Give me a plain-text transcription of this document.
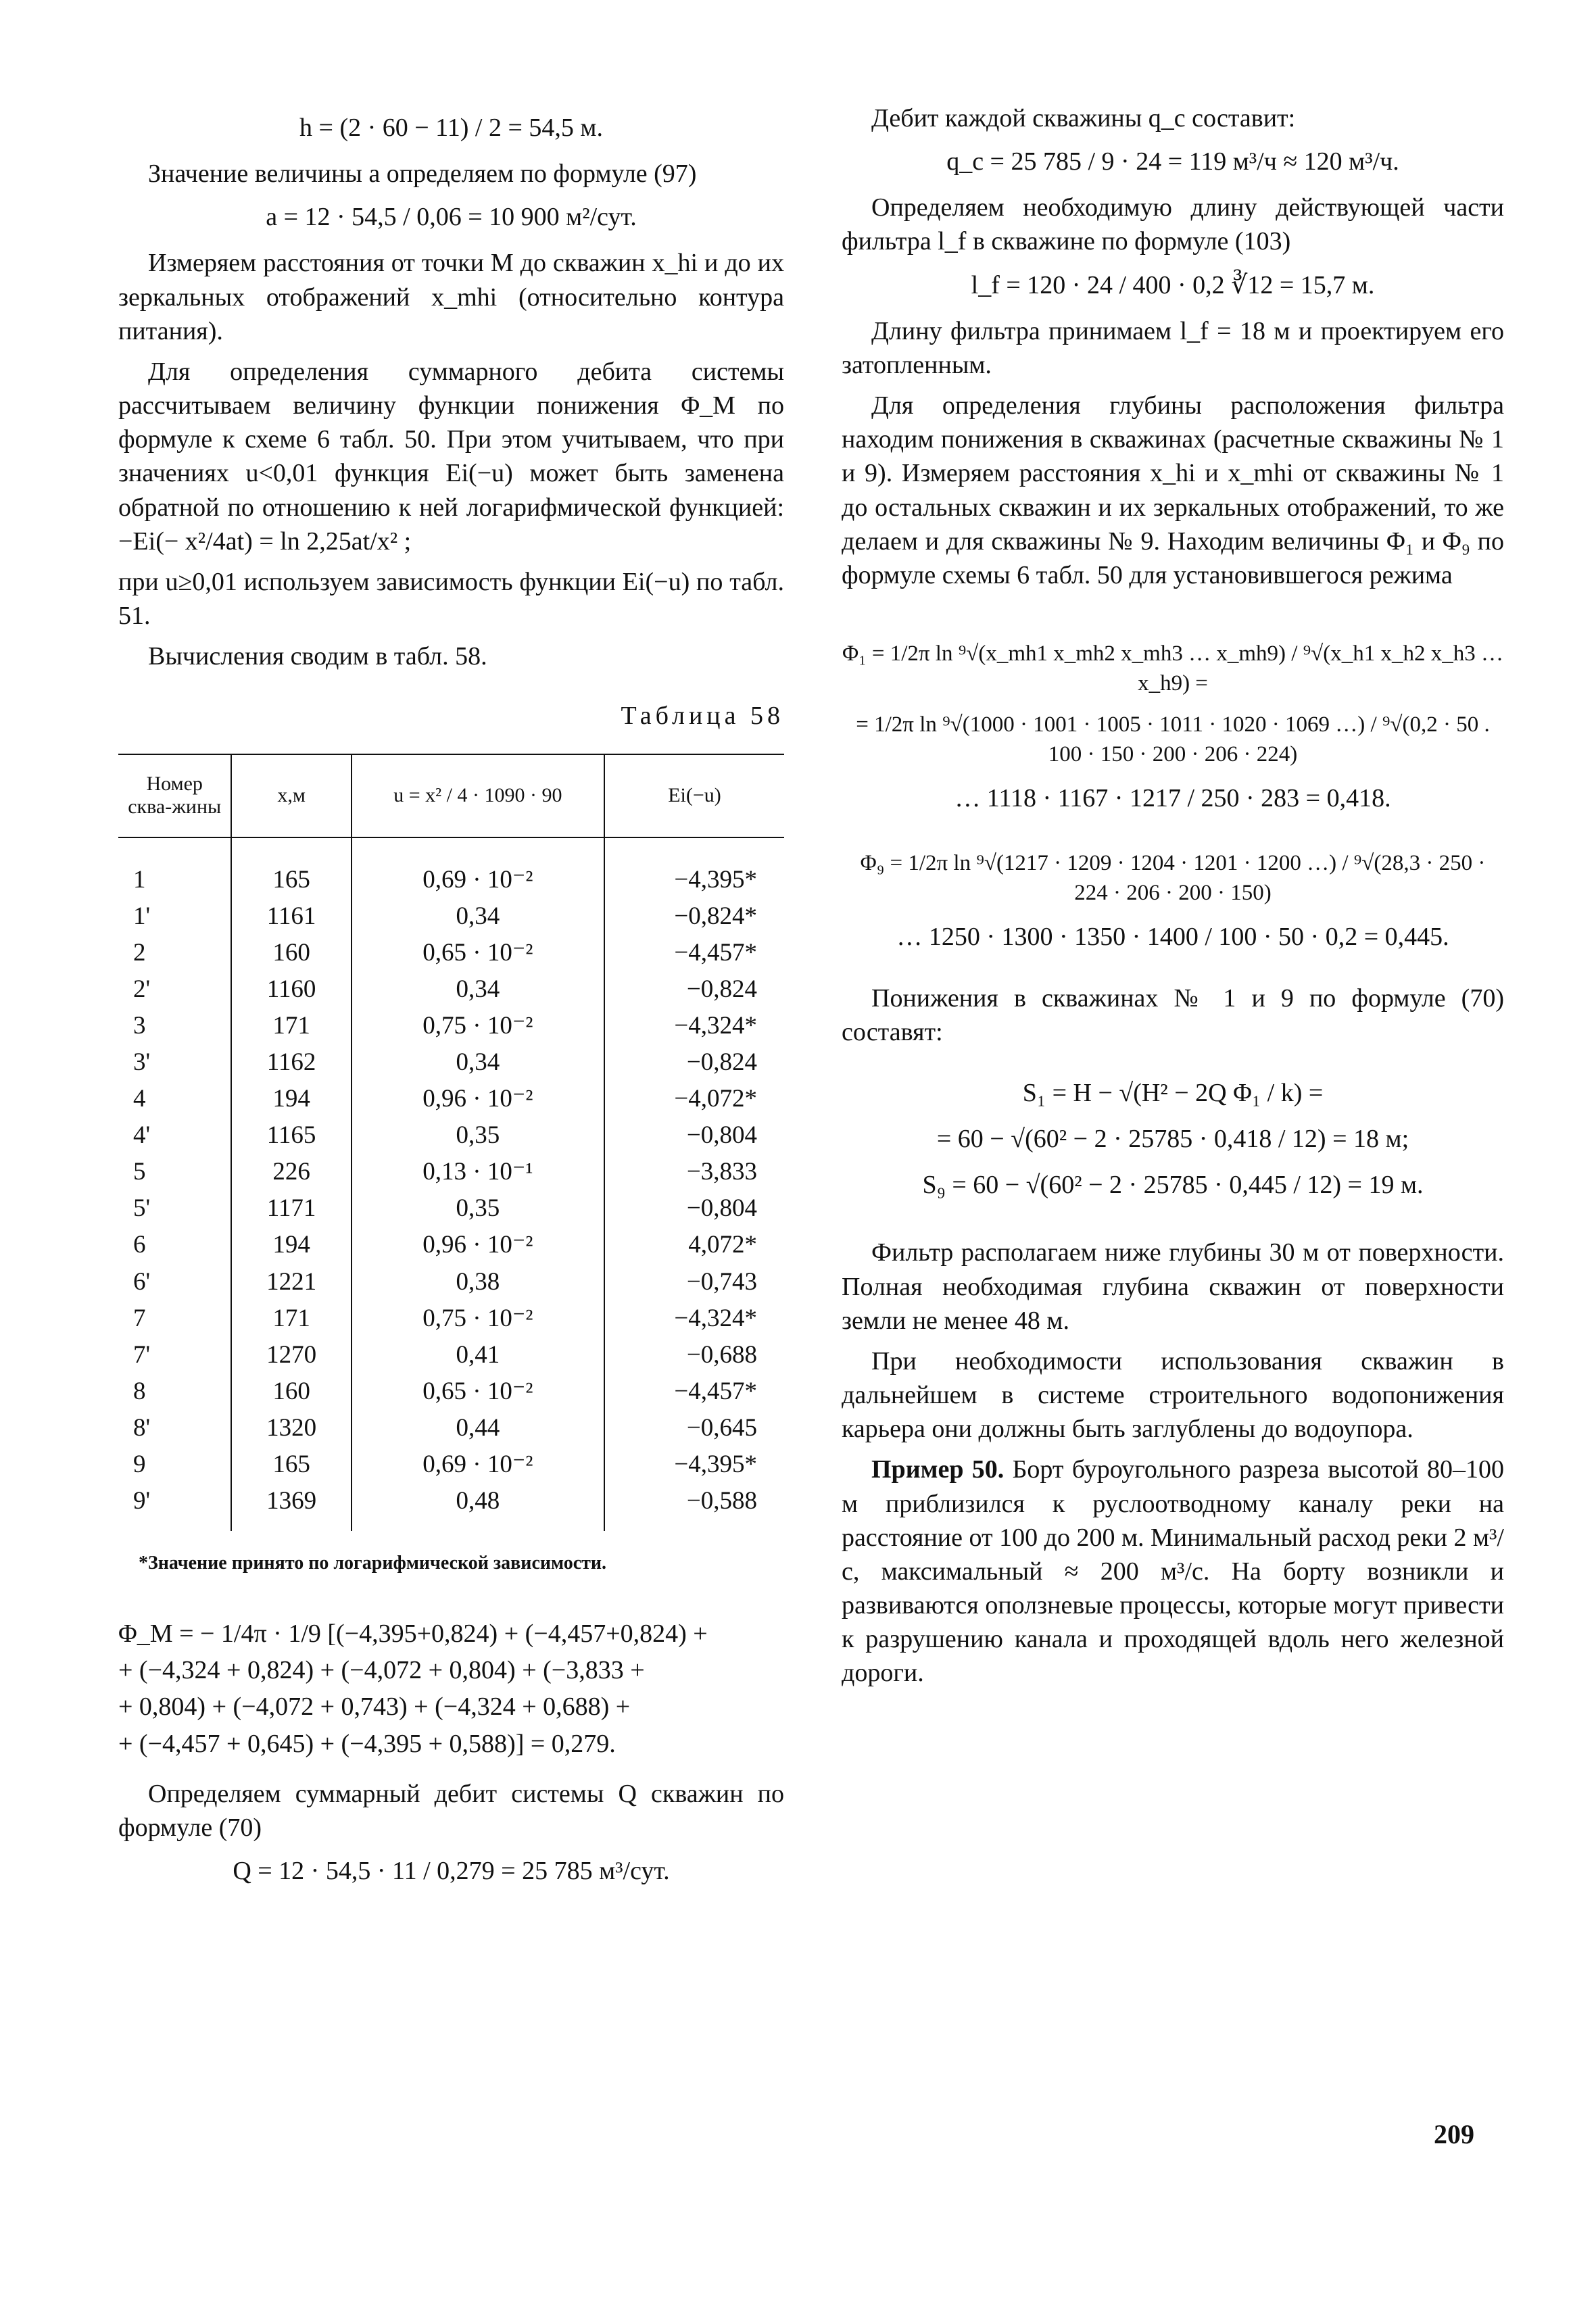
h = (2 · 60 − 11) / 2 = 54,5 м.

Значение величины a определяем по формуле (97)

a = 12 · 54,5 / 0,06 = 10 900 м²/сут.

Измеряем расстояния от точки M до скважин x_hi и до их зеркальных отображений x_mhi (относительно контура питания).

Для определения суммарного дебита системы рассчитываем величину функции понижения Φ_M по формуле к схеме 6 табл. 50. При этом учитываем, что при значениях u<0,01 функция Ei(−u) может быть заменена обратной по отношению к ней логарифмической функцией: −Ei(− x²/4at) = ln 2,25at/x² ;

при u≥0,01 используем зависимость функции Ei(−u) по табл. 51.

Вычисления сводим в табл. 58.

Таблица 58
Номер сква-жины	x,м	u = x² / 4 · 1090 · 90	Ei(−u)
1	165	0,69 · 10⁻²	−4,395*
1'	1161	0,34	−0,824*
2	160	0,65 · 10⁻²	−4,457*
2'	1160	0,34	−0,824
3	171	0,75 · 10⁻²	−4,324*
3'	1162	0,34	−0,824
4	194	0,96 · 10⁻²	−4,072*
4'	1165	0,35	−0,804
5	226	0,13 · 10⁻¹	−3,833
5'	1171	0,35	−0,804
6	194	0,96 · 10⁻²	4,072*
6'	1221	0,38	−0,743
7	171	0,75 · 10⁻²	−4,324*
7'	1270	0,41	−0,688
8	160	0,65 · 10⁻²	−4,457*
8'	1320	0,44	−0,645
9	165	0,69 · 10⁻²	−4,395*
9'	1369	0,48	−0,588
*Значение принято по логарифмической зависимости.
Φ_M = − 1/4π · 1/9 [(−4,395+0,824) + (−4,457+0,824) +
+ (−4,324 + 0,824) + (−4,072 + 0,804) + (−3,833 +
+ 0,804) + (−4,072 + 0,743) + (−4,324 + 0,688) +
+ (−4,457 + 0,645) + (−4,395 + 0,588)] = 0,279.

Определяем суммарный дебит системы Q скважин по формуле (70)

Q = 12 · 54,5 · 11 / 0,279 = 25 785 м³/сут.

Дебит каждой скважины q_c составит:

q_c = 25 785 / 9 · 24 = 119 м³/ч ≈ 120 м³/ч.

Определяем необходимую длину действующей части фильтра l_f в скважине по формуле (103)

l_f = 120 · 24 / 400 · 0,2 ∛12 = 15,7 м.

Длину фильтра принимаем l_f = 18 м и проектируем его затопленным.

Для определения глубины расположения фильтра находим понижения в скважинах (расчетные скважины № 1 и 9). Измеряем расстояния x_hi и x_mhi от скважины № 1 до остальных скважин и их зеркальных отображений, то же делаем и для скважины № 9. Находим величины Φ₁ и Φ₉ по формуле схемы 6 табл. 50 для установившегося режима

Φ₁ = 1/2π ln ⁹√(x_mh1 x_mh2 x_mh3 … x_mh9) / ⁹√(x_h1 x_h2 x_h3 … x_h9) =
= 1/2π ln ⁹√(1000 · 1001 · 1005 · 1011 · 1020 · 1069 …) / ⁹√(0,2 · 50 . 100 · 150 · 200 · 206 · 224)
… 1118 · 1167 · 1217 / 250 · 283 = 0,418.
Φ₉ = 1/2π ln ⁹√(1217 · 1209 · 1204 · 1201 · 1200 …) / ⁹√(28,3 · 250 · 224 · 206 · 200 · 150)
… 1250 · 1300 · 1350 · 1400 / 100 · 50 · 0,2 = 0,445.

Понижения в скважинах № 1 и 9 по формуле (70) составят:

S₁ = H − √(H² − 2Q Φ₁ / k) =
= 60 − √(60² − 2 · 25785 · 0,418 / 12) = 18 м;
S₉ = 60 − √(60² − 2 · 25785 · 0,445 / 12) = 19 м.

Фильтр располагаем ниже глубины 30 м от поверхности. Полная необходимая глубина скважин от поверхности земли не менее 48 м.

При необходимости использования скважин в дальнейшем в системе строительного водопонижения карьера они должны быть заглублены до водоупора.

Пример 50. Борт буроугольного разреза высотой 80–100 м приблизился к руслоотводному каналу реки на расстояние от 100 до 200 м. Минимальный расход реки 2 м³/с, максимальный ≈ 200 м³/с. На борту возникли и развиваются оползневые процессы, которые могут привести к разрушению канала и проходящей вдоль него железной дороги.

209
